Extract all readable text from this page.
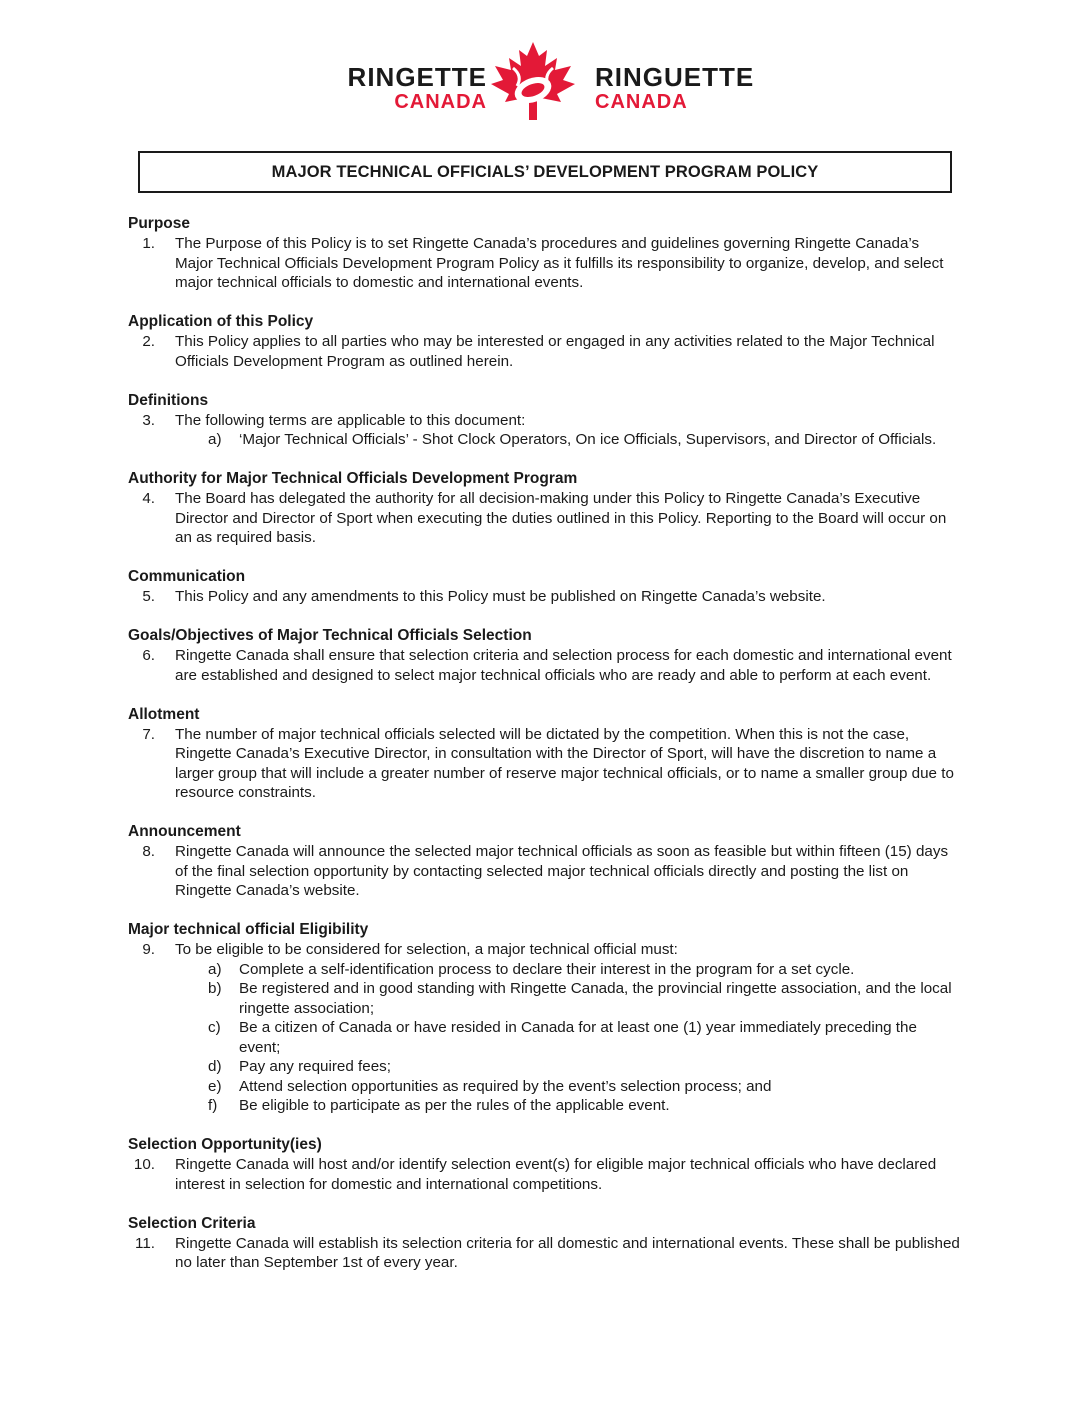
RINGETTE
CANADA
RINGUETTE
CANADA
MAJOR TECHNICAL OFFICIALS’ DEVELOPMENT PROGRAM POLICY
Purpose
1. The Purpose of this Policy is to set Ringette Canada’s procedures and guidelines governing Ringette Canada’s Major Technical Officials Development Program Policy as it fulfills its responsibility to organize, develop, and select major technical officials to domestic and international events.
Application of this Policy
2. This Policy applies to all parties who may be interested or engaged in any activities related to the Major Technical Officials Development Program as outlined herein.
Definitions
3. The following terms are applicable to this document:
a) ‘Major Technical Officials’ - Shot Clock Operators, On ice Officials, Supervisors, and Director of Officials.
Authority for Major Technical Officials Development Program
4. The Board has delegated the authority for all decision-making under this Policy to Ringette Canada’s Executive Director and Director of Sport when executing the duties outlined in this Policy. Reporting to the Board will occur on an as required basis.
Communication
5. This Policy and any amendments to this Policy must be published on Ringette Canada’s website.
Goals/Objectives of Major Technical Officials Selection
6. Ringette Canada shall ensure that selection criteria and selection process for each domestic and international event are established and designed to select major technical officials who are ready and able to perform at each event.
Allotment
7. The number of major technical officials selected will be dictated by the competition. When this is not the case, Ringette Canada’s Executive Director, in consultation with the Director of Sport, will have the discretion to name a larger group that will include a greater number of reserve major technical officials, or to name a smaller group due to resource constraints.
Announcement
8. Ringette Canada will announce the selected major technical officials as soon as feasible but within fifteen (15) days of the final selection opportunity by contacting selected major technical officials directly and posting the list on Ringette Canada’s website.
Major technical official Eligibility
9. To be eligible to be considered for selection, a major technical official must:
a) Complete a self-identification process to declare their interest in the program for a set cycle.
b) Be registered and in good standing with Ringette Canada, the provincial ringette association, and the local ringette association;
c) Be a citizen of Canada or have resided in Canada for at least one (1) year immediately preceding the event;
d) Pay any required fees;
e) Attend selection opportunities as required by the event’s selection process; and
f) Be eligible to participate as per the rules of the applicable event.
Selection Opportunity(ies)
10. Ringette Canada will host and/or identify selection event(s) for eligible major technical officials who have declared interest in selection for domestic and international competitions.
Selection Criteria
11. Ringette Canada will establish its selection criteria for all domestic and international events. These shall be published no later than September 1st of every year.
